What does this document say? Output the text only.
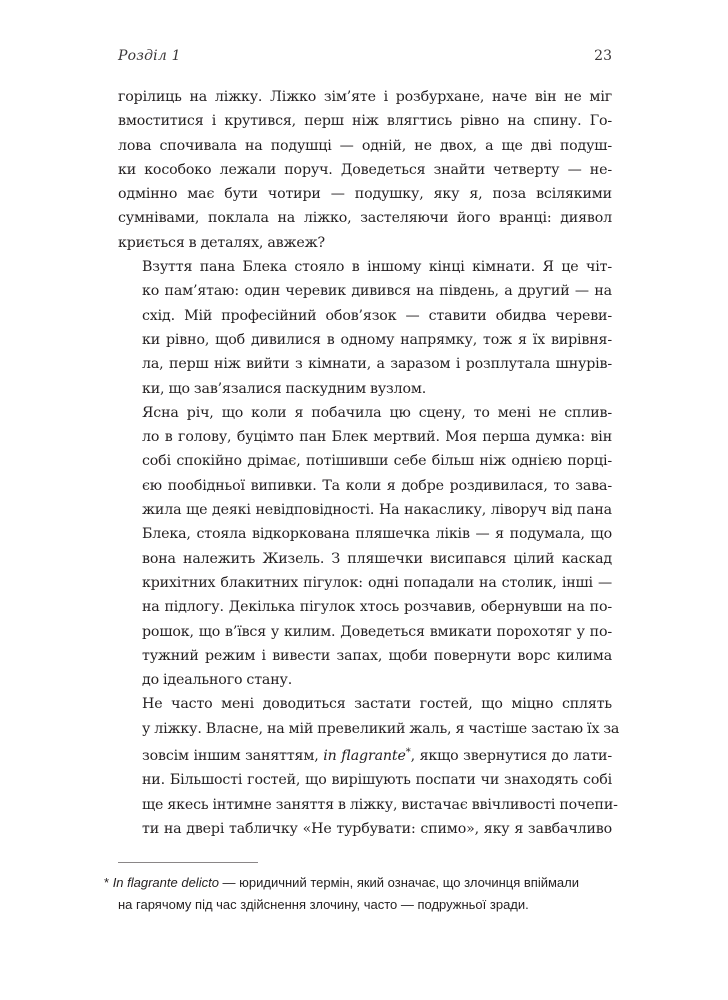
Розділ 1	23

горілиць на ліжку. Ліжко зім’яте і розбурхане, наче він не міг
вмоститися і крутився, перш ніж влягтись рівно на спину. Го-
лова спочивала на подушці — одній, не двох, а ще дві подуш-
ки кособоко лежали поруч. Доведеться знайти четверту — не-
одмінно має бути чотири — подушку, яку я, поза всілякими
сумнівами, поклала на ліжко, застеляючи його вранці: диявол
криється в деталях, авжеж?

Взуття пана Блека стояло в іншому кінці кімнати. Я це чіт-
ко пам’ятаю: один черевик дивився на південь, а другий — на
схід. Мій професійний обов’язок — ставити обидва череви-
ки рівно, щоб дивилися в одному напрямку, тож я їх вирівня-
ла, перш ніж вийти з кімнати, а заразом і розплутала шнурів-
ки, що зав’язалися паскудним вузлом.

Ясна річ, що коли я побачила цю сцену, то мені не сплив-
ло в голову, буцімто пан Блек мертвий. Моя перша думка: він
собі спокійно дрімає, потішивши себе більш ніж однією порці-
єю пообідньої випивки. Та коли я добре роздивилася, то зава-
жила ще деякі невідповідності. На накаслику, ліворуч від пана
Блека, стояла відкоркована пляшечка ліків — я подумала, що
вона належить Жизель. З пляшечки висипався цілий каскад
крихітних блакитних пігулок: одні попадали на столик, інші —
на підлогу. Декілька пігулок хтось розчавив, обернувши на по-
рошок, що в’ївся у килим. Доведеться вмикати порохотяг у по-
тужний режим і вивести запах, щоби повернути ворс килима
до ідеального стану.

Не часто мені доводиться застати гостей, що міцно сплять
у ліжку. Власне, на мій превеликий жаль, я частіше застаю їх за
зовсім іншим заняттям, in flagrante*, якщо звернутися до лати-
ни. Більшості гостей, що вирішують поспати чи знаходять собі
ще якесь інтимне заняття в ліжку, вистачає ввічливості почепи-
ти на двері табличку «Не турбувати: спимо», яку я завбачливо

* In flagrante delicto — юридичний термін, який означає, що злочинця впіймали
на гарячому під час здійснення злочину, часто — подружньої зради.
